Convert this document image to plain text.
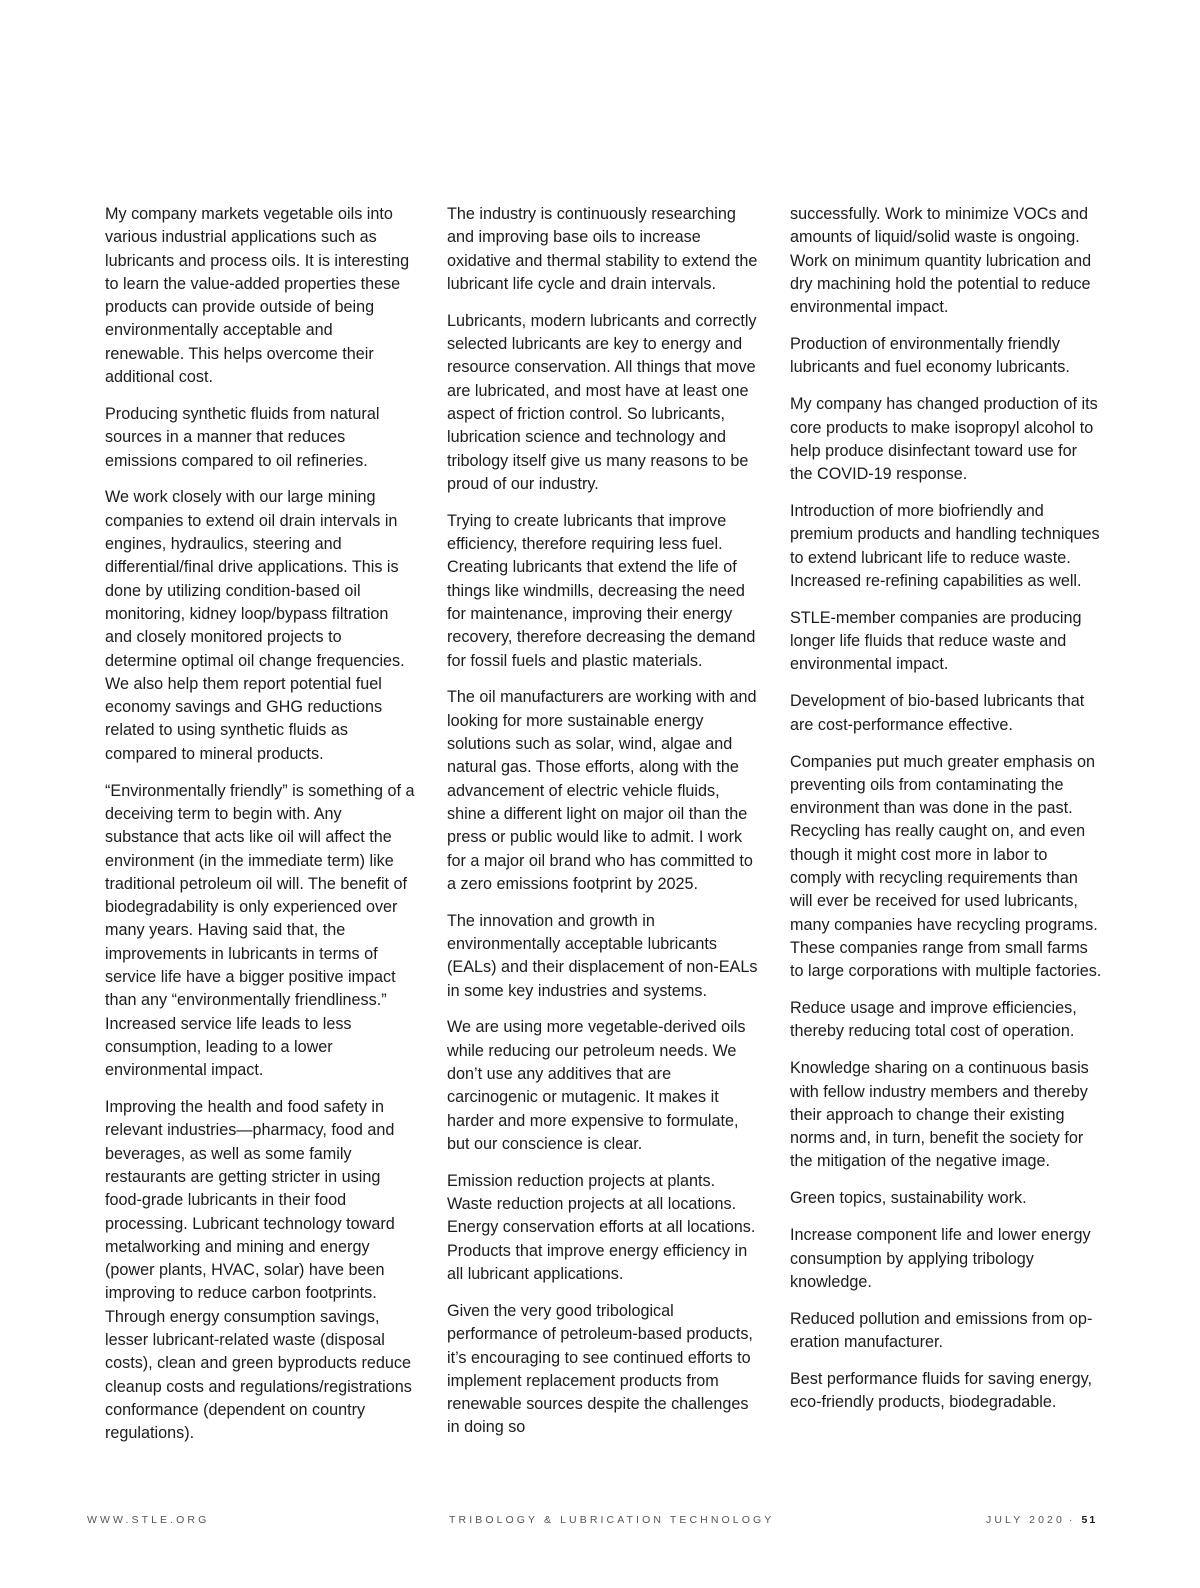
My company markets vegetable oils into various industrial applications such as lubricants and process oils. It is interesting to learn the value-added properties these products can provide outside of being environmentally acceptable and renewable. This helps overcome their additional cost.

Producing synthetic fluids from natural sources in a manner that reduces emissions compared to oil refineries.

We work closely with our large mining companies to extend oil drain intervals in engines, hydraulics, steering and differential/final drive applications. This is done by utilizing condition-based oil monitoring, kidney loop/bypass filtration and closely monitored projects to determine optimal oil change frequencies. We also help them report potential fuel economy savings and GHG reductions related to using synthetic fluids as compared to mineral products.

“Environmentally friendly” is something of a deceiving term to begin with. Any substance that acts like oil will affect the environment (in the immediate term) like traditional petroleum oil will. The benefit of biodegradability is only experienced over many years. Having said that, the improvements in lubricants in terms of service life have a bigger positive impact than any “environmentally friendliness.” Increased service life leads to less consumption, leading to a lower environmental impact.

Improving the health and food safety in relevant industries—pharmacy, food and beverages, as well as some family restaurants are getting stricter in using food-grade lubricants in their food processing. Lubricant technology toward metalworking and mining and energy (power plants, HVAC, solar) have been improving to reduce carbon footprints. Through energy consumption savings, lesser lubricant-related waste (disposal costs), clean and green byproducts reduce cleanup costs and regulations/registrations conformance (dependent on country regulations).

The industry is continuously researching and improving base oils to increase oxidative and thermal stability to extend the lubricant life cycle and drain intervals.

Lubricants, modern lubricants and correctly selected lubricants are key to energy and resource conservation. All things that move are lubricated, and most have at least one aspect of friction control. So lubricants, lubrication science and technology and tribology itself give us many reasons to be proud of our industry.

Trying to create lubricants that improve efficiency, therefore requiring less fuel. Creating lubricants that extend the life of things like windmills, decreasing the need for maintenance, improving their energy recovery, therefore decreasing the demand for fossil fuels and plastic materials.

The oil manufacturers are working with and looking for more sustainable energy solutions such as solar, wind, algae and natural gas. Those efforts, along with the advancement of electric vehicle fluids, shine a different light on major oil than the press or public would like to admit. I work for a major oil brand who has committed to a zero emissions footprint by 2025.

The innovation and growth in environmentally acceptable lubricants (EALs) and their displacement of non-EALs in some key industries and systems.

We are using more vegetable-derived oils while reducing our petroleum needs. We don’t use any additives that are carcinogenic or mutagenic. It makes it harder and more expensive to formulate, but our conscience is clear.

Emission reduction projects at plants. Waste reduction projects at all locations. Energy conservation efforts at all locations. Products that improve energy efficiency in all lubricant applications.

Given the very good tribological performance of petroleum-based products, it’s encouraging to see continued efforts to implement replacement products from renewable sources despite the challenges in doing so

successfully. Work to minimize VOCs and amounts of liquid/solid waste is ongoing. Work on minimum quantity lubrication and dry machining hold the potential to reduce environmental impact.

Production of environmentally friendly lubricants and fuel economy lubricants.

My company has changed production of its core products to make isopropyl alcohol to help produce disinfectant toward use for the COVID-19 response.

Introduction of more biofriendly and premium products and handling techniques to extend lubricant life to reduce waste. Increased re-refining capabilities as well.

STLE-member companies are producing longer life fluids that reduce waste and environmental impact.

Development of bio-based lubricants that are cost-performance effective.

Companies put much greater emphasis on preventing oils from contaminating the environment than was done in the past. Recycling has really caught on, and even though it might cost more in labor to comply with recycling requirements than will ever be received for used lubricants, many companies have recycling programs. These companies range from small farms to large corporations with multiple factories.

Reduce usage and improve efficiencies, thereby reducing total cost of operation.

Knowledge sharing on a continuous basis with fellow industry members and thereby their approach to change their existing norms and, in turn, benefit the society for the mitigation of the negative image.

Green topics, sustainability work.

Increase component life and lower energy consumption by applying tribology knowledge.

Reduced pollution and emissions from op-eration manufacturer.

Best performance fluids for saving energy, eco-friendly products, biodegradable.

WWW.STLE.ORG	TRIBOLOGY & LUBRICATION TECHNOLOGY	JULY 2020 · 51
